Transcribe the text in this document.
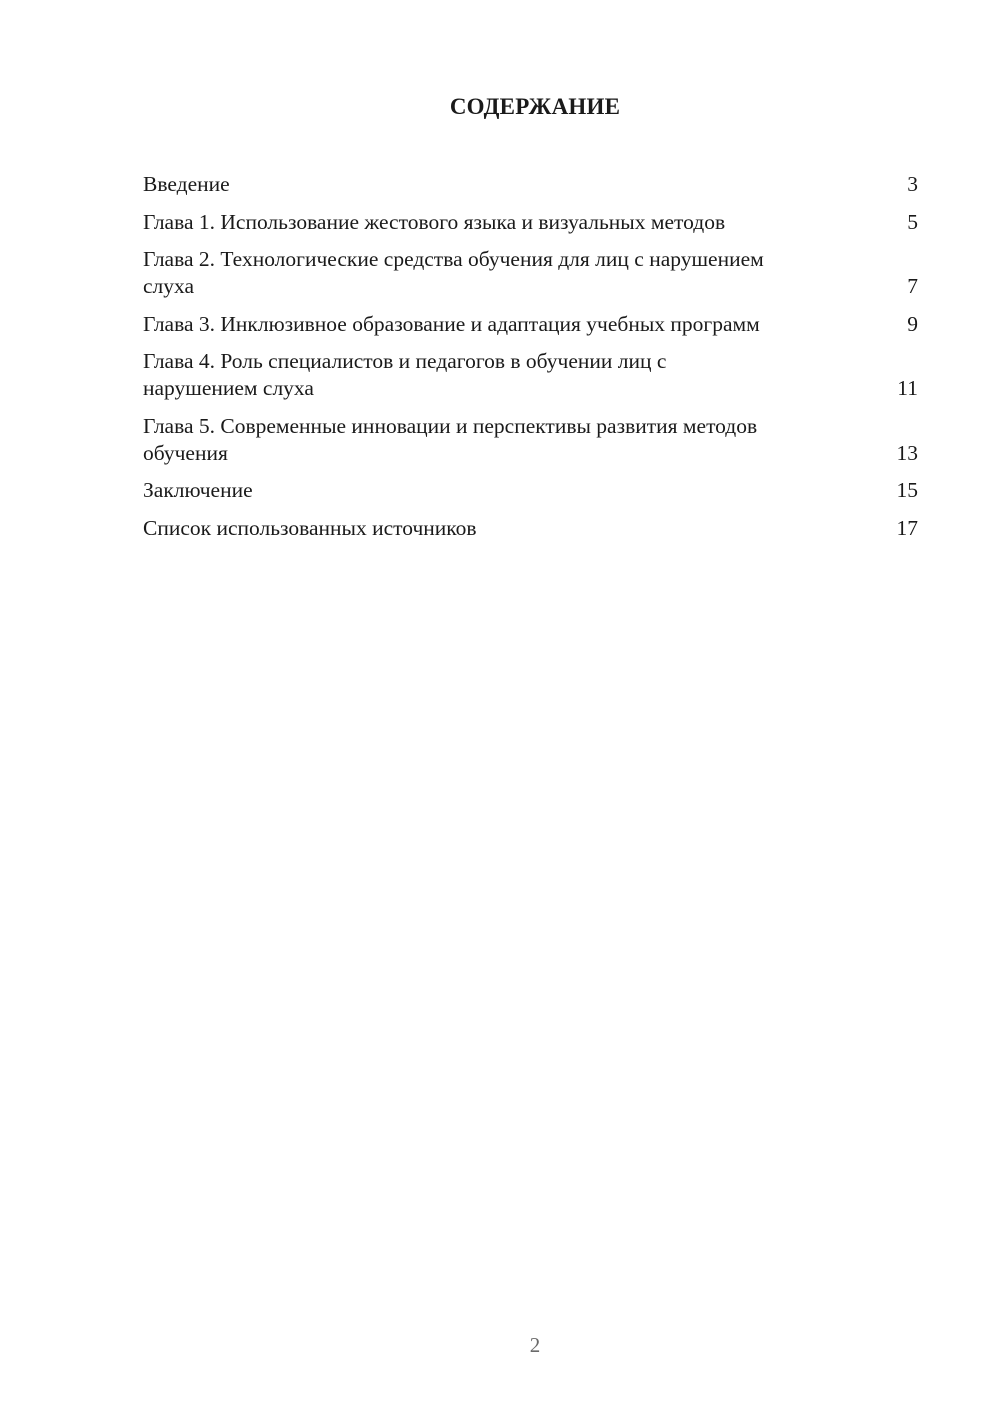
СОДЕРЖАНИЕ
Введение	3
Глава 1. Использование жестового языка и визуальных методов	5
Глава 2. Технологические средства обучения для лиц с нарушением слуха	7
Глава 3. Инклюзивное образование и адаптация учебных программ	9
Глава 4. Роль специалистов и педагогов в обучении лиц с нарушением слуха	11
Глава 5. Современные инновации и перспективы развития методов обучения	13
Заключение	15
Список использованных источников	17
2
